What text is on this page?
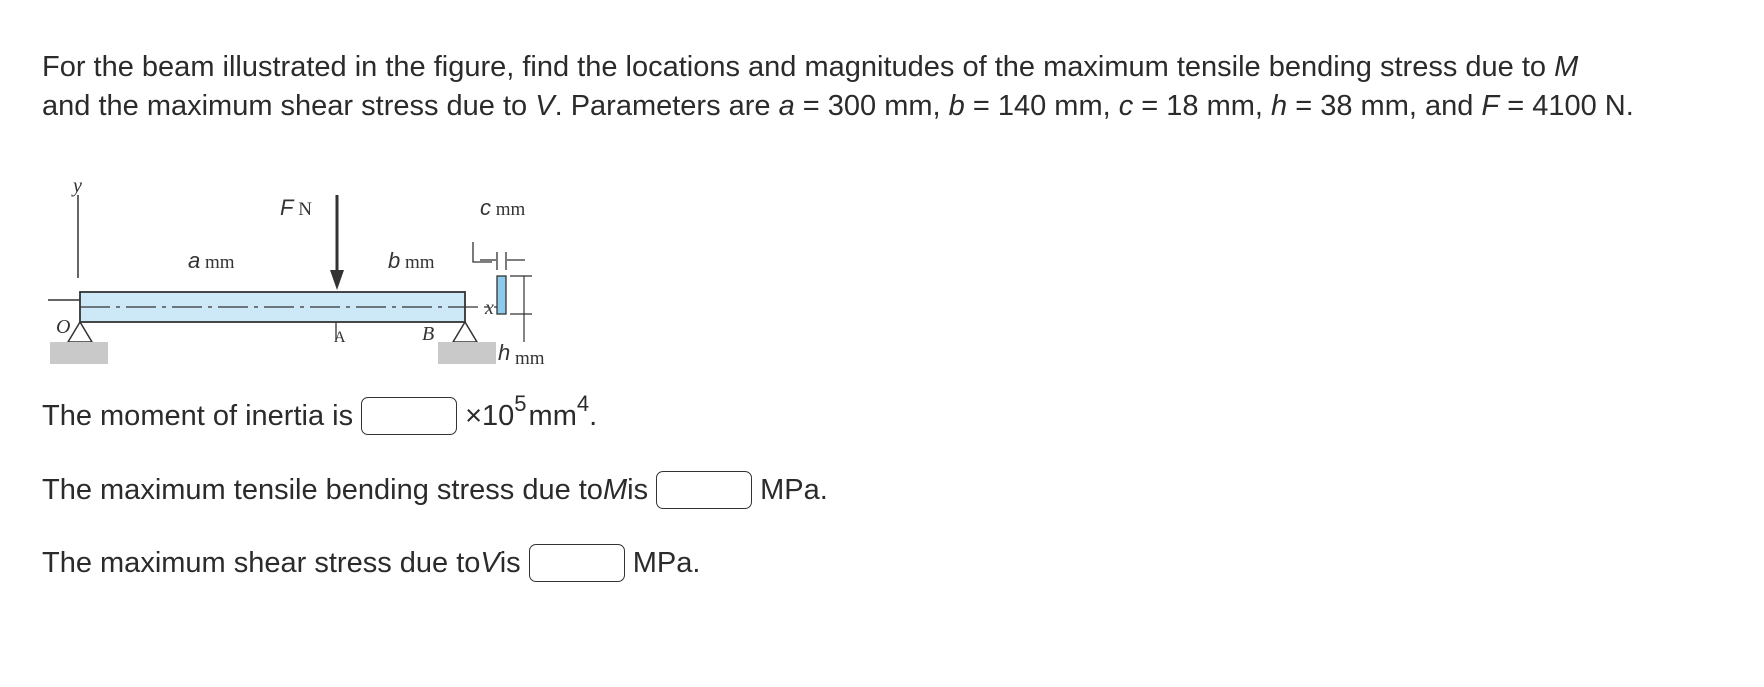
For the beam illustrated in the figure, find the locations and magnitudes of the maximum tensile bending stress due to M
and the maximum shear stress due to V. Parameters are a = 300 mm, b = 140 mm, c = 18 mm, h = 38 mm, and F = 4100 N.

y
x
O	B
F N
A
a mm	b mm
c mm
h mm
The moment of inertia is	×10 5 mm 4 .
The maximum tensile bending stress due to M is	MPa.
The maximum shear stress due to V is	MPa.
